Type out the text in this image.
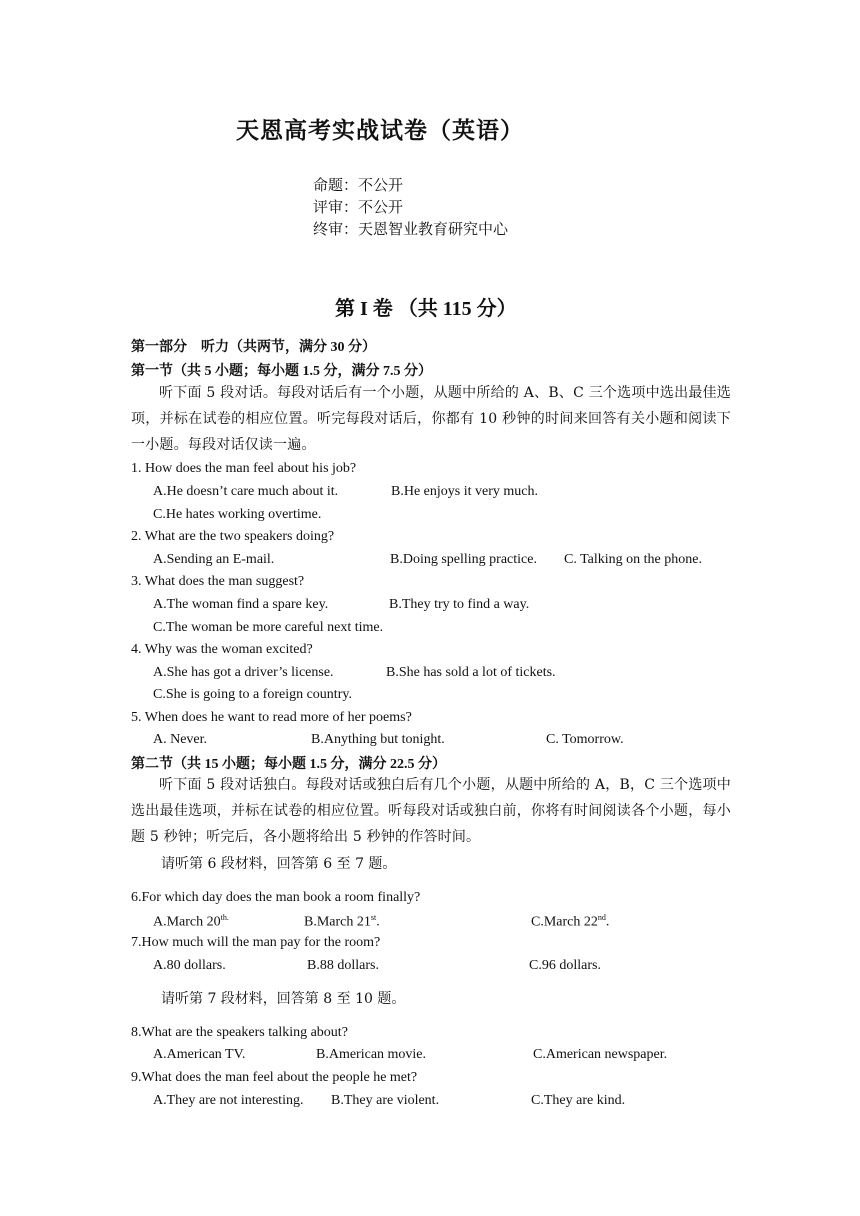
天恩高考实战试卷（英语）
命题：不公开
评审：不公开
终审：天恩智业教育研究中心
第 I 卷 （共 115 分）
第一部分　听力（共两节，满分 30 分）
第一节（共 5 小题；每小题 1.5 分，满分 7.5 分）
听下面 5 段对话。每段对话后有一个小题，从题中所给的 A、B、C 三个选项中选出最佳选项，并标在试卷的相应位置。听完每段对话后，你都有 10 秒钟的时间来回答有关小题和阅读下一小题。每段对话仅读一遍。
1. How does the man feel about his job?
A.He doesn’t care much about it.	B.He enjoys it very much.
C.He hates working overtime.
2. What are the two speakers doing?
A.Sending an E-mail.	B.Doing spelling practice. C. Talking on the phone.
3. What does the man suggest?
A.The woman find a spare key.	B.They try to find a way.
C.The woman be more careful next time.
4. Why was the woman excited?
A.She has got a driver’s license.	B.She has sold a lot of tickets.
C.She is going to a foreign country.
5. When does he want to read more of her poems?
A. Never.	B.Anything but tonight.	C. Tomorrow.
第二节（共 15 小题；每小题 1.5 分，满分 22.5 分）
听下面 5 段对话独白。每段对话或独白后有几个小题，从题中所给的 A，B，C 三个选项中选出最佳选项，并标在试卷的相应位置。听每段对话或独白前，你将有时间阅读各个小题，每小题 5 秒钟；听完后，各小题将给出 5 秒钟的作答时间。
请听第 6 段材料，回答第 6 至 7 题。
6.For which day does the man book a room finally?
A.March $20^{th.}$	B.March 21st.	C.March 22nd.
7.How much will the man pay for the room?
A.80 dollars.	B.88 dollars.	C.96 dollars.
请听第 7 段材料，回答第 8 至 10 题。
8.What are the speakers talking about?
A.American TV.	B.American movie.	C.American newspaper.
9.What does the man feel about the people he met?
A.They are not interesting. B.They are violent.	C.They are kind.
